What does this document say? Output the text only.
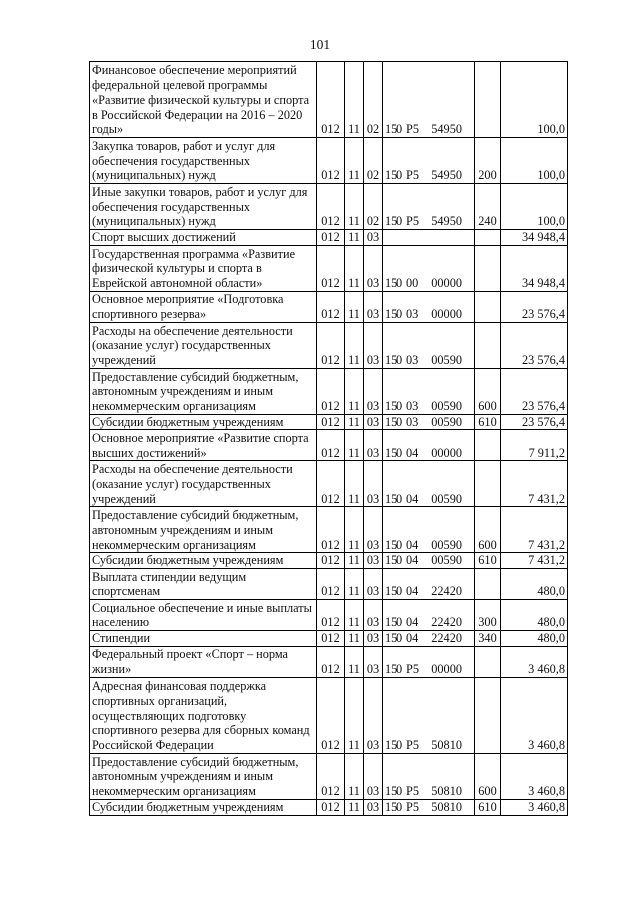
101
Финансовое обеспечение мероприятий федеральной целевой программы «Развитие физической культуры и спорта в Российской Федерации на 2016 – 2020 годы»	012	11	02	150 P5 54950		100,0
Закупка товаров, работ и услуг для обеспечения государственных (муниципальных) нужд	012	11	02	150 P5 54950	200	100,0
Иные закупки товаров, работ и услуг для обеспечения государственных (муниципальных) нужд	012	11	02	150 P5 54950	240	100,0
Спорт высших достижений	012	11	03			34 948,4
Государственная программа «Развитие физической культуры и спорта в Еврейской автономной области»	012	11	03	150 00 00000		34 948,4
Основное мероприятие «Подготовка спортивного резерва»	012	11	03	150 03 00000		23 576,4
Расходы на обеспечение деятельности (оказание услуг) государственных учреждений	012	11	03	150 03 00590		23 576,4
Предоставление субсидий бюджетным, автономным учреждениям и иным некоммерческим организациям	012	11	03	150 03 00590	600	23 576,4
Субсидии бюджетным учреждениям	012	11	03	150 03 00590	610	23 576,4
Основное мероприятие «Развитие спорта высших достижений»	012	11	03	150 04 00000		7 911,2
Расходы на обеспечение деятельности (оказание услуг) государственных учреждений	012	11	03	150 04 00590		7 431,2
Предоставление субсидий бюджетным, автономным учреждениям и иным некоммерческим организациям	012	11	03	150 04 00590	600	7 431,2
Субсидии бюджетным учреждениям	012	11	03	150 04 00590	610	7 431,2
Выплата стипендии ведущим спортсменам	012	11	03	150 04 22420		480,0
Социальное обеспечение и иные выплаты населению	012	11	03	150 04 22420	300	480,0
Стипендии	012	11	03	150 04 22420	340	480,0
Федеральный проект «Спорт – норма жизни»	012	11	03	150 P5 00000		3 460,8
Адресная финансовая поддержка спортивных организаций, осуществляющих подготовку спортивного резерва для сборных команд Российской Федерации	012	11	03	150 P5 50810		3 460,8
Предоставление субсидий бюджетным, автономным учреждениям и иным некоммерческим организациям	012	11	03	150 P5 50810	600	3 460,8
Субсидии бюджетным учреждениям	012	11	03	150 P5 50810	610	3 460,8
